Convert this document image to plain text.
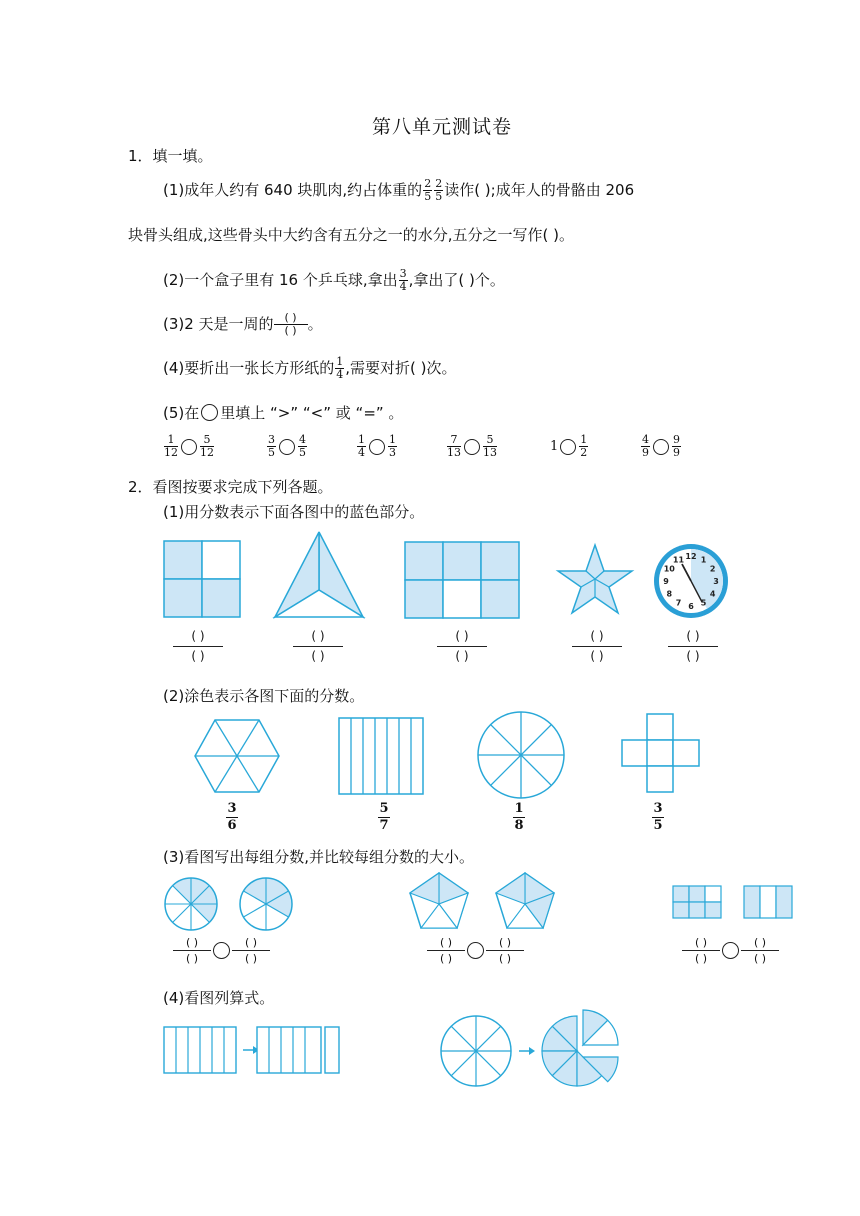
第八单元测试卷
1．填一填。
(1)成年人约有 640 块肌肉,约占体重的 $\frac{2}{5} \frac{2}{5}$ 读作( );成年人的骨骼由 206
块骨头组成,这些骨头中大约含有五分之一的水分,五分之一写作( )。
(2)一个盒子里有 16 个乒乓球,拿出 $\frac{3}{4}$ ,拿出了( )个。
(3)2 天是一周的 ( )
( ) 。
(4)要折出一张长方形纸的 $\frac{1}{4}$ ,需要对折( )次。
(5)在 里填上 “>” “<” 或 “=” 。
$\frac{1}{12} \frac{5}{12}$	$\frac{3}{5} \frac{4}{5}$	$\frac{1}{4} \frac{1}{3}$	$\frac{7}{13} \frac{5}{13}$	$1 \frac{1}{2}$	$\frac{4}{9} \frac{9}{9}$
2．看图按要求完成下列各题。
(1)用分数表示下面各图中的蓝色部分。
12 1
2
3
4
5
6
7
8
9
10
11
( )
( )
( )
( )
( )
( )
( )
( )
( )
( )
(2)涂色表示各图下面的分数。
3
6
5
7
1
8
3
5
(3)看图写出每组分数,并比较每组分数的大小。
( )
( )
( )
( )
( )
( )
( )
( )
( )
( )
( )
( )
(4)看图列算式。
